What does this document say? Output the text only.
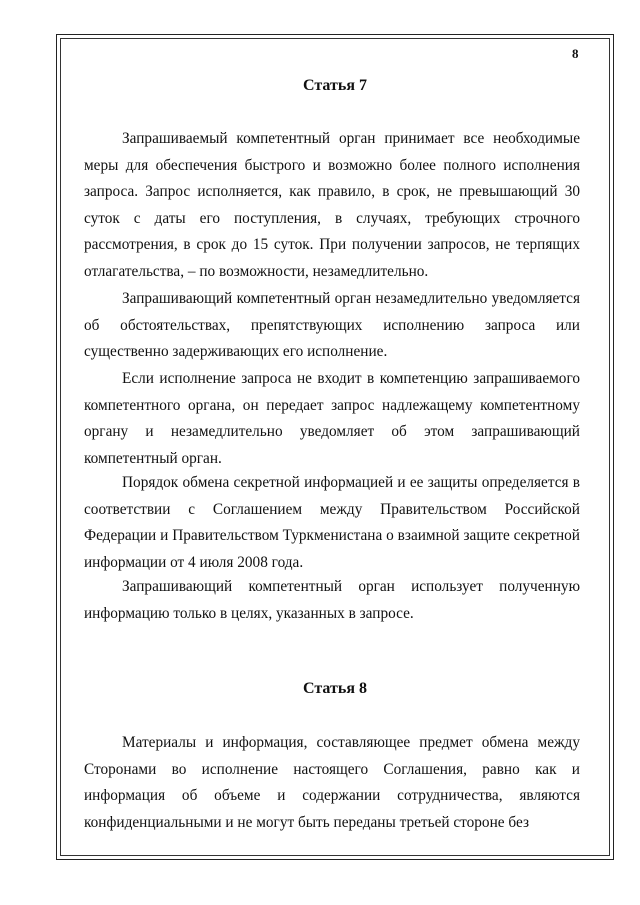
8
Статья 7

Запрашиваемый компетентный орган принимает все необходимые меры для обеспечения быстрого и возможно более полного исполнения запроса. Запрос исполняется, как правило, в срок, не превышающий 30 суток с даты его поступления, в случаях, требующих строчного рассмотрения, в срок до 15 суток. При получении запросов, не терпящих отлагательства, – по возможности, незамедлительно.

Запрашивающий компетентный орган незамедлительно уведомляется об обстоятельствах, препятствующих исполнению запроса или существенно задерживающих его исполнение.

Если исполнение запроса не входит в компетенцию запрашиваемого компетентного органа, он передает запрос надлежащему компетентному органу и незамедлительно уведомляет об этом запрашивающий компетентный орган.

Порядок обмена секретной информацией и ее защиты определяется в соответствии с Соглашением между Правительством Российской Федерации и Правительством Туркменистана о взаимной защите секретной информации от 4 июля 2008 года.

Запрашивающий компетентный орган использует полученную информацию только в целях, указанных в запросе.

Статья 8

Материалы и информация, составляющее предмет обмена между Сторонами во исполнение настоящего Соглашения, равно как и информация об объеме и содержании сотрудничества, являются конфиденциальными и не могут быть переданы третьей стороне без
